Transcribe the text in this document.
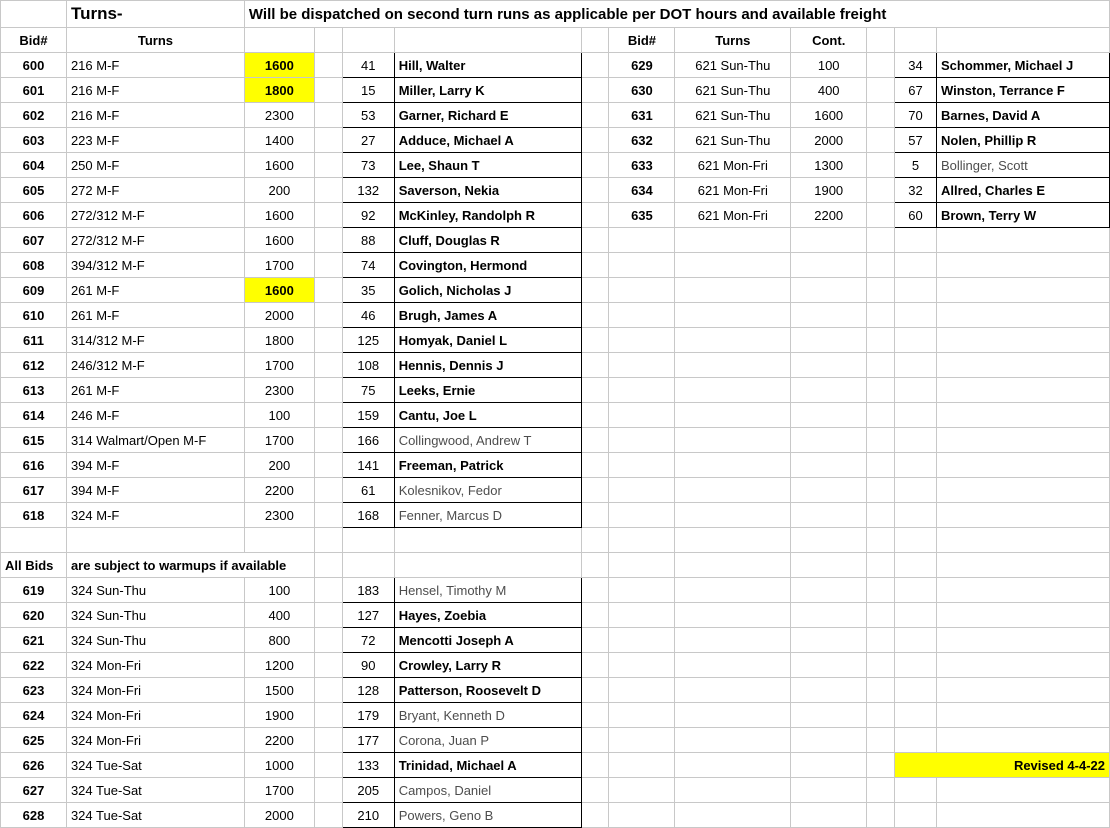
	Turns-	Will be dispatched on second turn runs as applicable per DOT hours and available freight										
Bid#	Turns						Bid#	Turns	Cont.			
600	216 M-F	1600		41	Hill, Walter		629	621 Sun-Thu	100		34	Schommer, Michael J
601	216 M-F	1800		15	Miller, Larry K		630	621 Sun-Thu	400		67	Winston, Terrance F
602	216 M-F	2300		53	Garner, Richard E		631	621 Sun-Thu	1600		70	Barnes, David A
603	223 M-F	1400		27	Adduce, Michael A		632	621 Sun-Thu	2000		57	Nolen, Phillip R
604	250 M-F	1600		73	Lee, Shaun T		633	621 Mon-Fri	1300		5	Bollinger, Scott
605	272 M-F	200		132	Saverson, Nekia		634	621 Mon-Fri	1900		32	Allred, Charles E
606	272/312 M-F	1600		92	McKinley, Randolph R		635	621 Mon-Fri	2200		60	Brown, Terry W
607	272/312 M-F	1600		88	Cluff, Douglas R							
608	394/312 M-F	1700		74	Covington, Hermond							
609	261 M-F	1600		35	Golich, Nicholas J							
610	261 M-F	2000		46	Brugh, James A							
611	314/312 M-F	1800		125	Homyak, Daniel L							
612	246/312 M-F	1700		108	Hennis, Dennis J							
613	261 M-F	2300		75	Leeks, Ernie							
614	246 M-F	100		159	Cantu, Joe L							
615	314 Walmart/Open M-F	1700		166	Collingwood, Andrew T							
616	394 M-F	200		141	Freeman, Patrick							
617	394 M-F	2200		61	Kolesnikov, Fedor							
618	324 M-F	2300		168	Fenner, Marcus D							

All Bids	are subject to warmups if available											
619	324 Sun-Thu	100		183	Hensel, Timothy M							
620	324 Sun-Thu	400		127	Hayes, Zoebia							
621	324 Sun-Thu	800		72	Mencotti Joseph A							
622	324 Mon-Fri	1200		90	Crowley, Larry R							
623	324 Mon-Fri	1500		128	Patterson, Roosevelt D							
624	324 Mon-Fri	1900		179	Bryant, Kenneth D							
625	324 Mon-Fri	2200		177	Corona, Juan P							
626	324 Tue-Sat	1000		133	Trinidad, Michael A						Revised 4-4-22	
627	324 Tue-Sat	1700		205	Campos, Daniel							
628	324 Tue-Sat	2000		210	Powers, Geno B							
